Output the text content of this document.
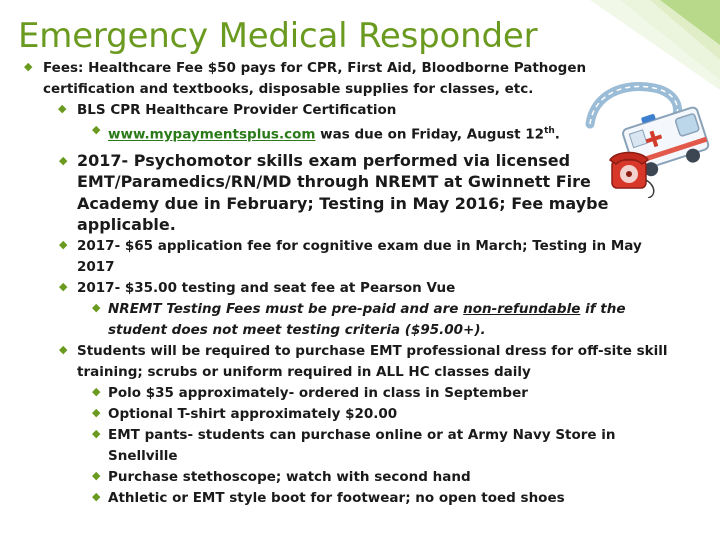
Emergency Medical Responder
◆ Fees: Healthcare Fee $50 pays for CPR, First Aid, Bloodborne Pathogen certification and textbooks, disposable supplies for classes, etc.
◆ BLS CPR Healthcare Provider Certification
◆ www.mypaymentsplus.com was due on Friday, August 12th.
◆ 2017- Psychomotor skills exam performed via licensed EMT/Paramedics/RN/MD through NREMT at Gwinnett Fire Academy due in February; Testing in May 2016; Fee maybe applicable.
◆ 2017- $65 application fee for cognitive exam due in March; Testing in May 2017
◆ 2017- $35.00 testing and seat fee at Pearson Vue
◆ NREMT Testing Fees must be pre-paid and are non-refundable if the student does not meet testing criteria ($95.00+).
◆ Students will be required to purchase EMT professional dress for off-site skill training; scrubs or uniform required in ALL HC classes daily
◆ Polo $35 approximately- ordered in class in September
◆ Optional T-shirt approximately $20.00
◆ EMT pants- students can purchase online or at Army Navy Store in Snellville
◆ Purchase stethoscope; watch with second hand
◆ Athletic or EMT style boot for footwear; no open toed shoes
